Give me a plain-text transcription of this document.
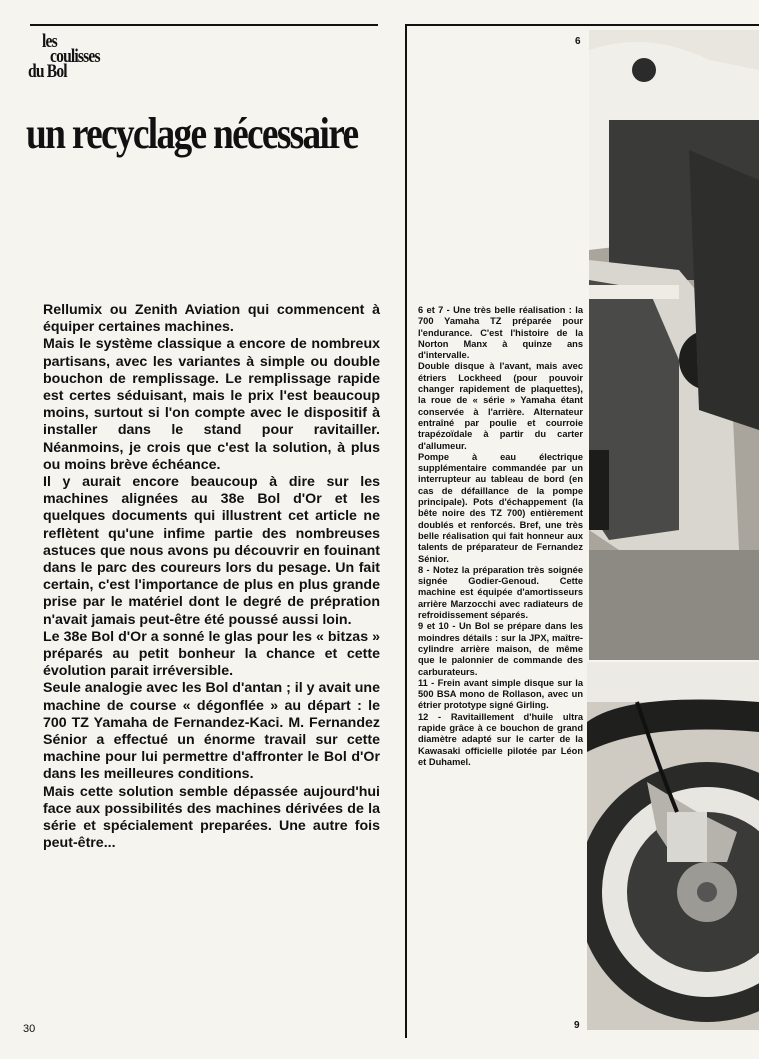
les
coulisses
du Bol
un recyclage nécessaire

Rellumix ou Zenith Aviation qui commencent à équiper certaines machines.

Mais le système classique a encore de nombreux partisans, avec les variantes à simple ou double bouchon de remplissage. Le remplissage rapide est certes séduisant, mais le prix l'est beaucoup moins, surtout si l'on compte avec le dispositif à installer dans le stand pour ravitailler. Néanmoins, je crois que c'est la solution, à plus ou moins brève échéance.

Il y aurait encore beaucoup à dire sur les machines alignées au 38e Bol d'Or et les quelques documents qui illustrent cet article ne reflètent qu'une infime partie des nombreuses astuces que nous avons pu découvrir en fouinant dans le parc des coureurs lors du pesage. Un fait certain, c'est l'importance de plus en plus grande prise par le matériel dont le degré de prépration n'avait jamais peut-être été poussé aussi loin.

Le 38e Bol d'Or a sonné le glas pour les « bitzas » préparés au petit bonheur la chance et cette évolution parait irréversible.

Seule analogie avec les Bol d'antan ; il y avait une machine de course « dégonflée » au départ : le 700 TZ Yamaha de Fernandez-Kaci. M. Fernandez Sénior a effectué un énorme travail sur cette machine pour lui permettre d'affronter le Bol d'Or dans les meilleures conditions.

Mais cette solution semble dépassée aujourd'hui face aux possibilités des machines dérivées de la série et spécialement preparées. Une autre fois peut-être...

6 et 7 - Une très belle réalisation : la 700 Yamaha TZ préparée pour l'endurance. C'est l'histoire de la Norton Manx à quinze ans d'intervalle.

Double disque à l'avant, mais avec étriers Lockheed (pour pouvoir changer rapidement de plaquettes), la roue de « série » Yamaha étant conservée à l'arrière. Alternateur entraîné par poulie et courroie trapézoïdale à partir du carter d'allumeur.

Pompe à eau électrique supplémentaire commandée par un interrupteur au tableau de bord (en cas de défaillance de la pompe principale). Pots d'échappement (la bête noire des TZ 700) entièrement doublés et renforcés. Bref, une très belle réalisation qui fait honneur aux talents de préparateur de Fernandez Sénior.

8 - Notez la préparation très soignée signée Godier-Genoud. Cette machine est équipée d'amortisseurs arrière Marzocchi avec radiateurs de refroidissement séparés.

9 et 10 - Un Bol se prépare dans les moindres détails : sur la JPX, maître-cylindre arrière maison, de même que le palonnier de commande des carburateurs.

11 - Frein avant simple disque sur la 500 BSA mono de Rollason, avec un étrier prototype signé Girling.

12 - Ravitaillement d'huile ultra rapide grâce à ce bouchon de grand diamètre adapté sur le carter de la Kawasaki officielle pilotée par Léon et Duhamel.

6
9
30
